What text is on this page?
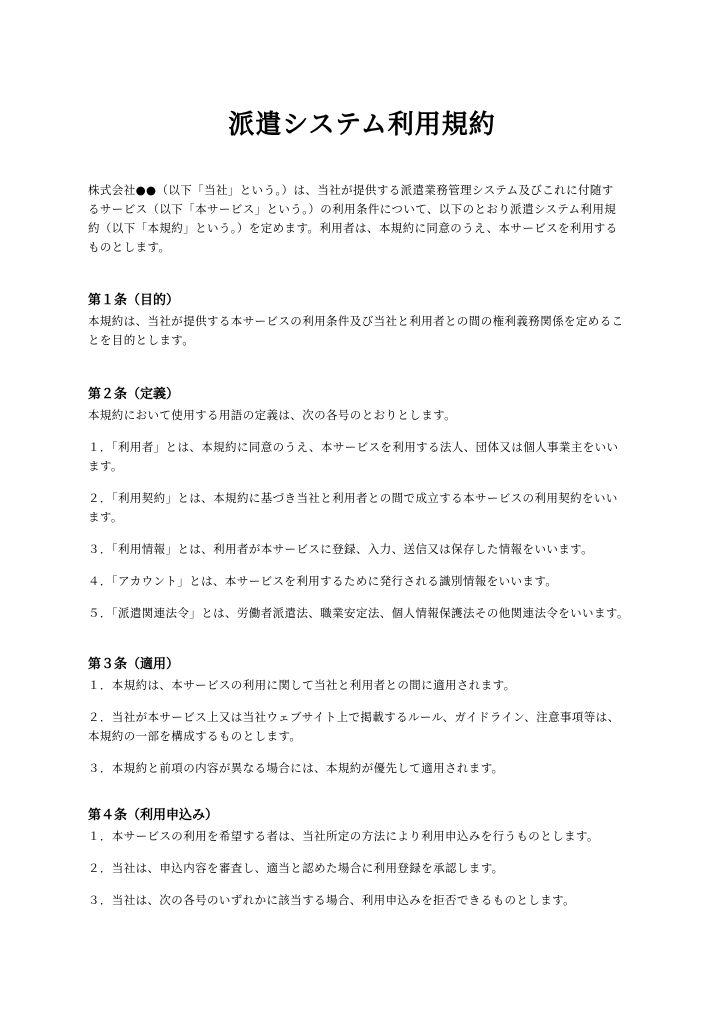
派遣システム利用規約
株式会社●●（以下「当社」という。）は、当社が提供する派遣業務管理システム及びこれに付随す
るサービス（以下「本サービス」という。）の利用条件について、以下のとおり派遣システム利用規
約（以下「本規約」という。）を定めます。利用者は、本規約に同意のうえ、本サービスを利用する
ものとします。
第１条（目的）
本規約は、当社が提供する本サービスの利用条件及び当社と利用者との間の権利義務関係を定めるこ
とを目的とします。
第２条（定義）
本規約において使用する用語の定義は、次の各号のとおりとします。
１．「利用者」とは、本規約に同意のうえ、本サービスを利用する法人、団体又は個人事業主をいい
ます。
２．「利用契約」とは、本規約に基づき当社と利用者との間で成立する本サービスの利用契約をいい
ます。
３．「利用情報」とは、利用者が本サービスに登録、入力、送信又は保存した情報をいいます。
４．「アカウント」とは、本サービスを利用するために発行される識別情報をいいます。
５．「派遣関連法令」とは、労働者派遣法、職業安定法、個人情報保護法その他関連法令をいいます。
第３条（適用）
１．本規約は、本サービスの利用に関して当社と利用者との間に適用されます。
２．当社が本サービス上又は当社ウェブサイト上で掲載するルール、ガイドライン、注意事項等は、
本規約の一部を構成するものとします。
３．本規約と前項の内容が異なる場合には、本規約が優先して適用されます。
第４条（利用申込み）
１．本サービスの利用を希望する者は、当社所定の方法により利用申込みを行うものとします。
２．当社は、申込内容を審査し、適当と認めた場合に利用登録を承認します。
３．当社は、次の各号のいずれかに該当する場合、利用申込みを拒否できるものとします。
